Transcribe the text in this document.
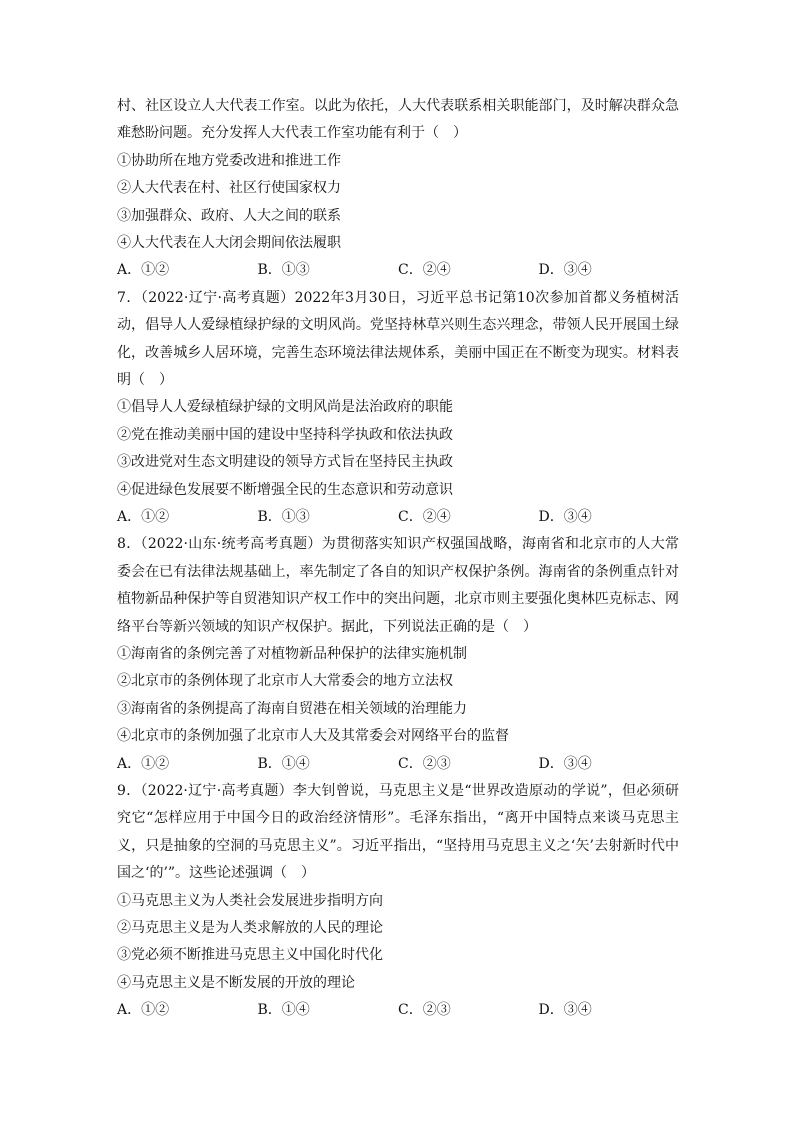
村、社区设立人大代表工作室。以此为依托，人大代表联系相关职能部门，及时解决群众急难愁盼问题。充分发挥人大代表工作室功能有利于（　）

①协助所在地方党委改进和推进工作
②人大代表在村、社区行使国家权力
③加强群众、政府、人大之间的联系
④人大代表在人大闭会期间依法履职
A．①②	B．①③	C．②④	D．③④

7．（2022·辽宁·高考真题）2022年3月30日，习近平总书记第10次参加首都义务植树活动，倡导人人爱绿植绿护绿的文明风尚。党坚持林草兴则生态兴理念，带领人民开展国土绿化，改善城乡人居环境，完善生态环境法律法规体系，美丽中国正在不断变为现实。材料表明（　）

①倡导人人爱绿植绿护绿的文明风尚是法治政府的职能
②党在推动美丽中国的建设中坚持科学执政和依法执政
③改进党对生态文明建设的领导方式旨在坚持民主执政
④促进绿色发展要不断增强全民的生态意识和劳动意识
A．①②	B．①③	C．②④	D．③④

8．（2022·山东·统考高考真题）为贯彻落实知识产权强国战略，海南省和北京市的人大常委会在已有法律法规基础上，率先制定了各自的知识产权保护条例。海南省的条例重点针对植物新品种保护等自贸港知识产权工作中的突出问题，北京市则主要强化奥林匹克标志、网络平台等新兴领域的知识产权保护。据此，下列说法正确的是（　）

①海南省的条例完善了对植物新品种保护的法律实施机制
②北京市的条例体现了北京市人大常委会的地方立法权
③海南省的条例提高了海南自贸港在相关领域的治理能力
④北京市的条例加强了北京市人大及其常委会对网络平台的监督
A．①②	B．①④	C．②③	D．③④

9．（2022·辽宁·高考真题）李大钊曾说，马克思主义是“世界改造原动的学说”，但必须研究它“怎样应用于中国今日的政治经济情形”。毛泽东指出，“离开中国特点来谈马克思主义，只是抽象的空洞的马克思主义”。习近平指出，“坚持用马克思主义之‘矢’去射新时代中国之‘的’”。这些论述强调（　）

①马克思主义为人类社会发展进步指明方向
②马克思主义是为人类求解放的人民的理论
③党必须不断推进马克思主义中国化时代化
④马克思主义是不断发展的开放的理论
A．①②	B．①④	C．②③	D．③④
